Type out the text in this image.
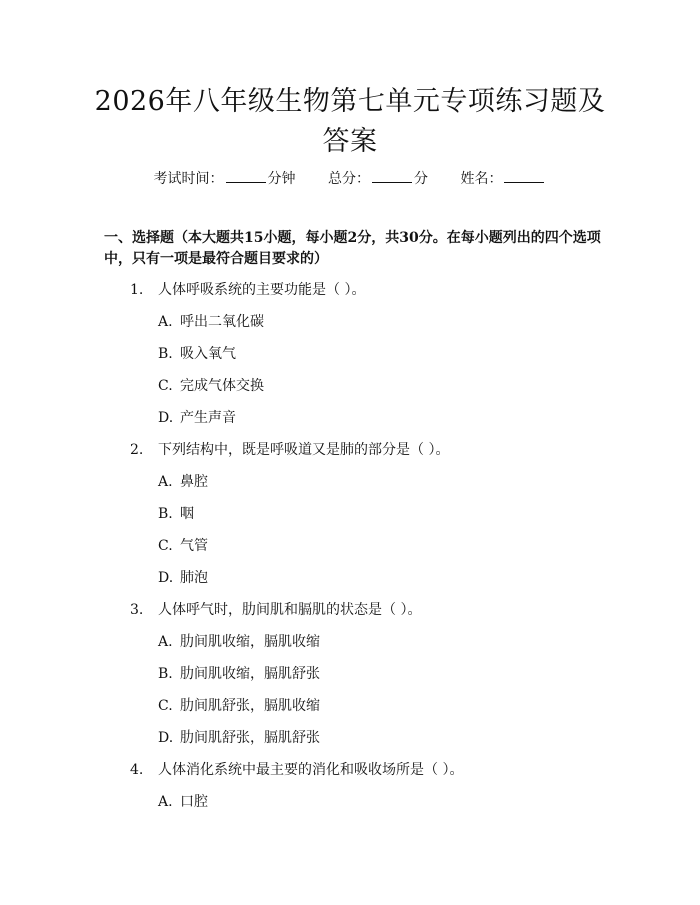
2026年八年级生物第七单元专项练习题及答案
考试时间：	分钟 总分：	分 姓名：
一、选择题（本大题共15小题，每小题2分，共30分。在每小题列出的四个选项中，只有一项是最符合题目要求的）
1. 人体呼吸系统的主要功能是（ ）。
A. 呼出二氧化碳
B. 吸入氧气
C. 完成气体交换
D. 产生声音
2. 下列结构中，既是呼吸道又是肺的部分是（ ）。
A. 鼻腔
B. 咽
C. 气管
D. 肺泡
3. 人体呼气时，肋间肌和膈肌的状态是（ ）。
A. 肋间肌收缩，膈肌收缩
B. 肋间肌收缩，膈肌舒张
C. 肋间肌舒张，膈肌收缩
D. 肋间肌舒张，膈肌舒张
4. 人体消化系统中最主要的消化和吸收场所是（ ）。
A. 口腔
